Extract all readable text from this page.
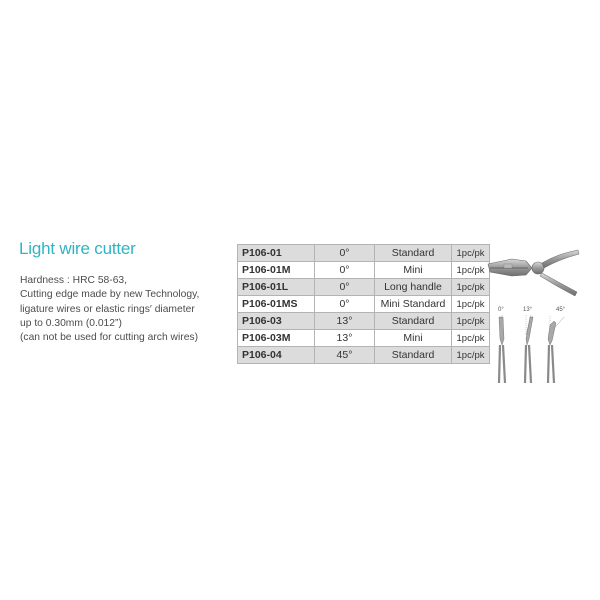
Light wire cutter
Hardness : HRC 58-63,
Cutting edge made by new Technology,
ligature wires or elastic rings′ diameter
up to 0.30mm (0.012”)
(can not be used for cutting arch wires)
P106-01	0°	Standard	1pc/pk
P106-01M	0°	Mini	1pc/pk
P106-01L	0°	Long handle	1pc/pk
P106-01MS	0°	Mini Standard	1pc/pk
P106-03	13°	Standard	1pc/pk
P106-03M	13°	Mini	1pc/pk
P106-04	45°	Standard	1pc/pk
0°	13°	45°
